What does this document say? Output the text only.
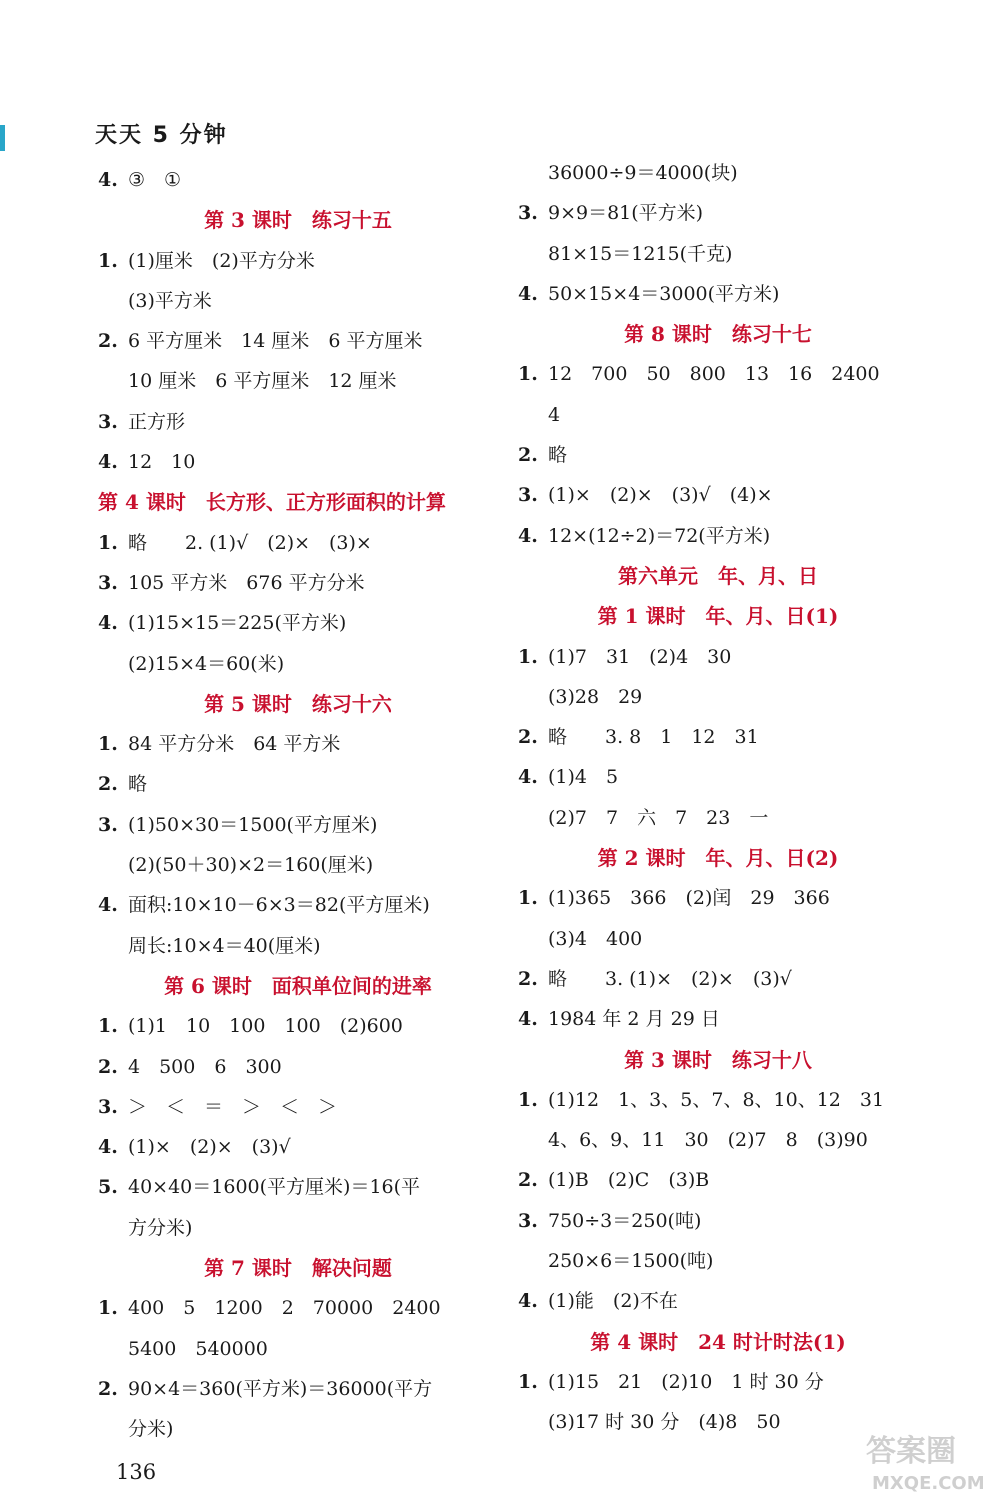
天天 5 分钟
4. ③　①
第 3 课时　练习十五
1. (1)厘米　(2)平方分米
(3)平方米
2. 6 平方厘米　14 厘米　6 平方厘米
10 厘米　6 平方厘米　12 厘米
3. 正方形
4. 12　10
第 4 课时　长方形、正方形面积的计算
1. 略　　2. (1)√　(2)×　(3)×
3. 105 平方米　676 平方分米
4. (1)15×15＝225(平方米)
(2)15×4＝60(米)
第 5 课时　练习十六
1. 84 平方分米　64 平方米
2. 略
3. (1)50×30＝1500(平方厘米)
(2)(50＋30)×2＝160(厘米)
4. 面积:10×10－6×3＝82(平方厘米)
周长:10×4＝40(厘米)
第 6 课时　面积单位间的进率
1. (1)1　10　100　100　(2)600
2. 4　500　6　300
3. ＞　＜　＝　＞　＜　＞
4. (1)×　(2)×　(3)√
5. 40×40＝1600(平方厘米)＝16(平
方分米)
第 7 课时　解决问题
1. 400　5　1200　2　70000　2400
5400　540000
2. 90×4＝360(平方米)＝36000(平方
分米)
36000÷9＝4000(块)
3. 9×9＝81(平方米)
81×15＝1215(千克)
4. 50×15×4＝3000(平方米)
第 8 课时　练习十七
1. 12　700　50　800　13　16　2400
4
2. 略
3. (1)×　(2)×　(3)√　(4)×
4. 12×(12÷2)＝72(平方米)
第六单元　年、月、日
第 1 课时　年、月、日(1)
1. (1)7　31　(2)4　30
(3)28　29
2. 略　　3. 8　1　12　31
4. (1)4　5
(2)7　7　六　7　23　一
第 2 课时　年、月、日(2)
1. (1)365　366　(2)闰　29　366
(3)4　400
2. 略　　3. (1)×　(2)×　(3)√
4. 1984 年 2 月 29 日
第 3 课时　练习十八
1. (1)12　1、3、5、7、8、10、12　31
4、6、9、11　30　(2)7　8　(3)90
2. (1)B　(2)C　(3)B
3. 750÷3＝250(吨)
250×6＝1500(吨)
4. (1)能　(2)不在
第 4 课时　24 时计时法(1)
1. (1)15　21　(2)10　1 时 30 分
(3)17 时 30 分　(4)8　50
136
答案圈
MXQE.COM
